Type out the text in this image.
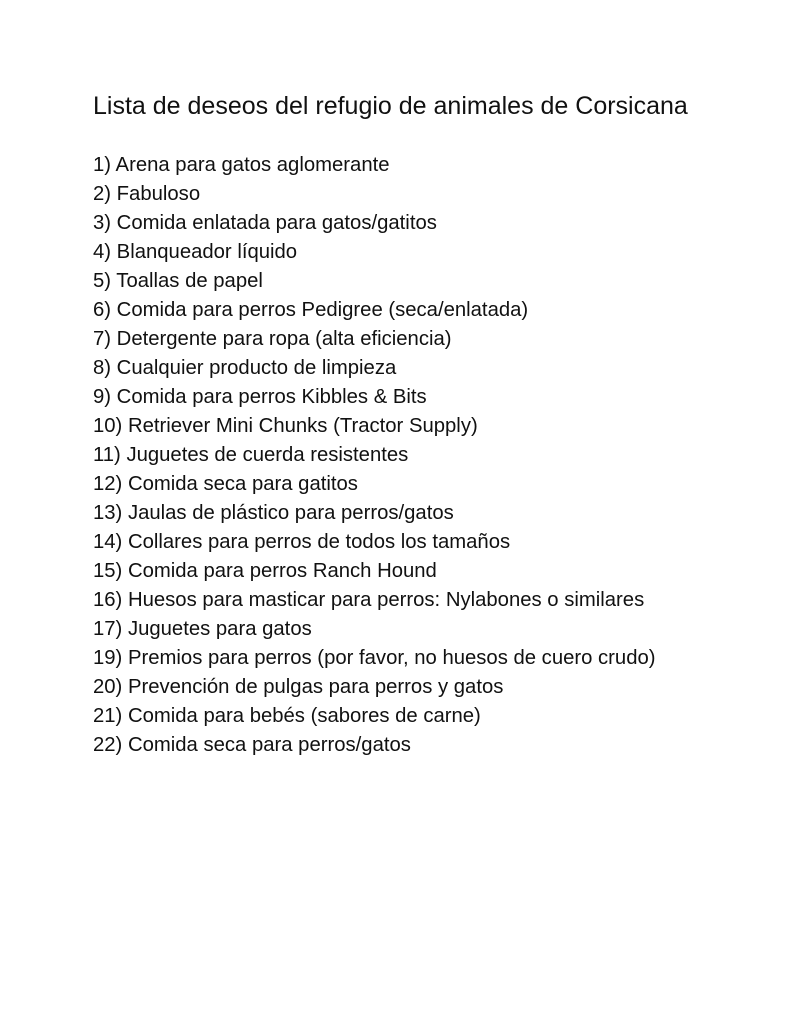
Lista de deseos del refugio de animales de Corsicana
1) Arena para gatos aglomerante
2) Fabuloso
3) Comida enlatada para gatos/gatitos
4) Blanqueador líquido
5) Toallas de papel
6) Comida para perros Pedigree (seca/enlatada)
7) Detergente para ropa (alta eficiencia)
8) Cualquier producto de limpieza
9) Comida para perros Kibbles & Bits
10) Retriever Mini Chunks (Tractor Supply)
11) Juguetes de cuerda resistentes
12) Comida seca para gatitos
13) Jaulas de plástico para perros/gatos
14) Collares para perros de todos los tamaños
15) Comida para perros Ranch Hound
16) Huesos para masticar para perros: Nylabones o similares
17) Juguetes para gatos
19) Premios para perros (por favor, no huesos de cuero crudo)
20) Prevención de pulgas para perros y gatos
21) Comida para bebés (sabores de carne)
22) Comida seca para perros/gatos
